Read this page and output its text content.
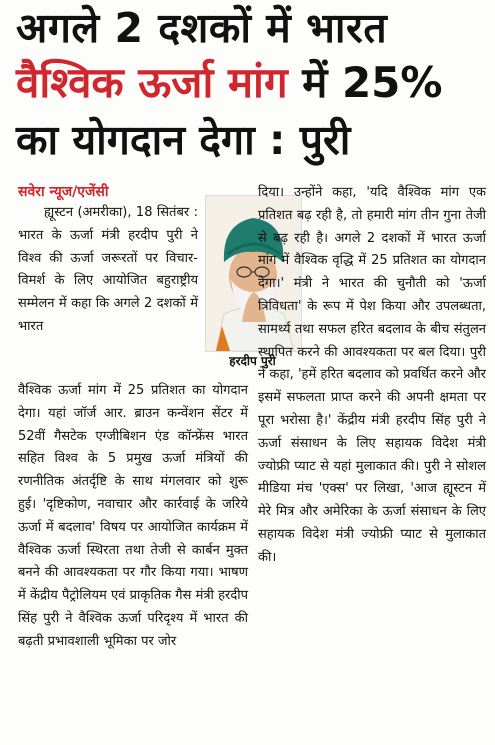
अगले 2 दशकों में भारत
वैश्विक ऊर्जा मांग में 25%
का योगदान देगा : पुरी

सवेरा न्यूज/एजेंसी

ह्यूस्टन (अमरीका), 18 सितंबर : भारत के ऊर्जा मंत्री हरदीप पुरी ने विश्व की ऊर्जा जरूरतों पर विचार-विमर्श के लिए आयोजित बहुराष्ट्रीय सम्मेलन में कहा कि अगले 2 दशकों में भारत

हरदीप पुरी

वैश्विक ऊर्जा मांग में 25 प्रतिशत का योगदान देगा। यहां जॉर्ज आर. ब्राउन कन्वेंशन सेंटर में 52वीं गैसटेक एग्जीबिशन एंड कॉन्फ्रेंस भारत सहित विश्व के 5 प्रमुख ऊर्जा मंत्रियों की रणनीतिक अंतर्दृष्टि के साथ मंगलवार को शुरू हुई। 'दृष्टिकोण, नवाचार और कार्रवाई के जरिये ऊर्जा में बदलाव' विषय पर आयोजित कार्यक्रम में वैश्विक ऊर्जा स्थिरता तथा तेजी से कार्बन मुक्त बनने की आवश्यकता पर गौर किया गया। भाषण में केंद्रीय पैट्रोलियम एवं प्राकृतिक गैस मंत्री हरदीप सिंह पुरी ने वैश्विक ऊर्जा परिदृश्य में भारत की बढ़ती प्रभावशाली भूमिका पर जोर

दिया। उन्होंने कहा, 'यदि वैश्विक मांग एक प्रतिशत बढ़ रही है, तो हमारी मांग तीन गुना तेजी से बढ़ रही है। अगले 2 दशकों में भारत ऊर्जा मांग में वैश्विक वृद्धि में 25 प्रतिशत का योगदान देगा।' मंत्री ने भारत की चुनौती को 'ऊर्जा त्रिविधता' के रूप में पेश किया और उपलब्धता, सामर्थ्य तथा सफल हरित बदलाव के बीच संतुलन स्थापित करने की आवश्यकता पर बल दिया। पुरी ने कहा, 'हमें हरित बदलाव को प्रवर्धित करने और इसमें सफलता प्राप्त करने की अपनी क्षमता पर पूरा भरोसा है।' केंद्रीय मंत्री हरदीप सिंह पुरी ने ऊर्जा संसाधन के लिए सहायक विदेश मंत्री ज्योफ्री प्याट से यहां मुलाकात की। पुरी ने सोशल मीडिया मंच 'एक्स' पर लिखा, 'आज ह्यूस्टन में मेरे मित्र और अमेरिका के ऊर्जा संसाधन के लिए सहायक विदेश मंत्री ज्योफ्री प्याट से मुलाकात की।
